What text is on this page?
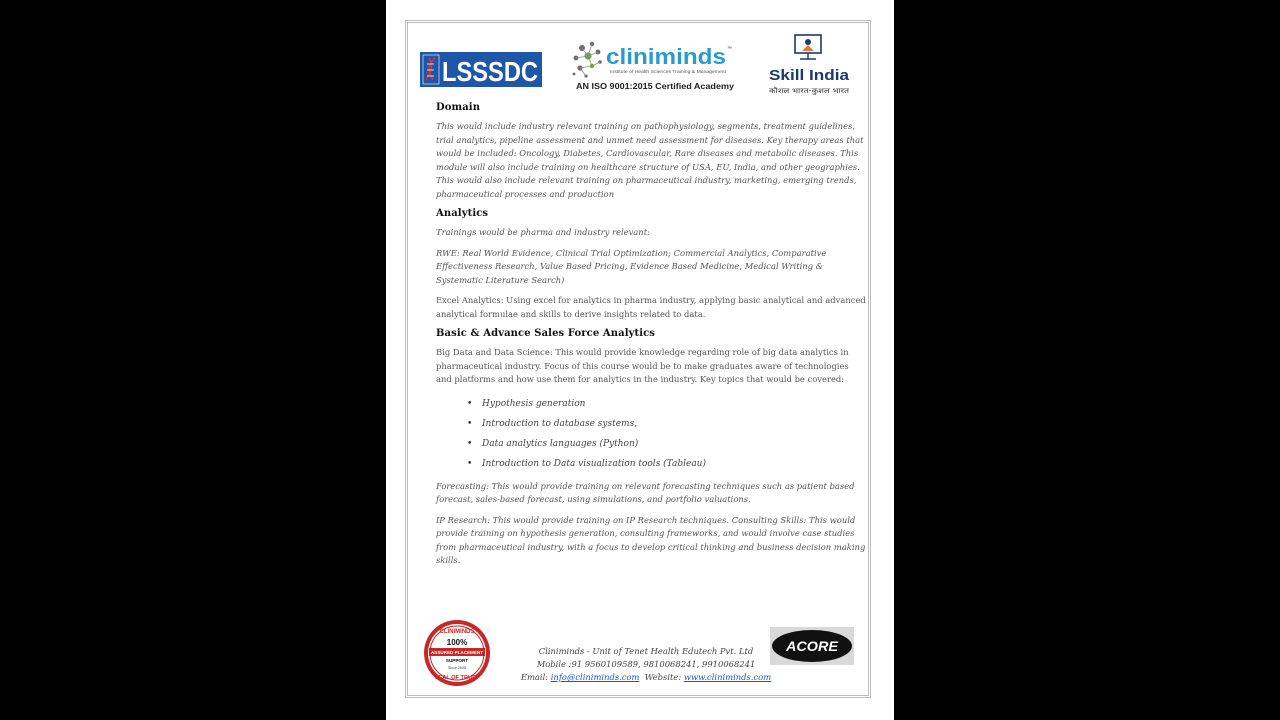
LSSSDC	cliniminds ™
Institute of Health Sciences Training & Management
AN ISO 9001:2015 Certified Academy
Skill India
कौशल भारत-कुशल भारत
Domain
This would include industry relevant training on pathophysiology, segments, treatment guidelines, trial analytics, pipeline assessment and unmet need assessment for diseases. Key therapy areas that would be included: Oncology, Diabetes, Cardiovascular, Rare diseases and metabolic diseases. This module will also include training on healthcare structure of USA, EU, India, and other geographies. This would also include relevant training on pharmaceutical industry, marketing, emerging trends, pharmaceutical processes and production
Analytics
Trainings would be pharma and industry relevant:
RWE: Real World Evidence, Clinical Trial Optimization; Commercial Analytics, Comparative Effectiveness Research, Value Based Pricing, Evidence Based Medicine, Medical Writing & Systematic Literature Search)
Excel Analytics: Using excel for analytics in pharma industry, applying basic analytical and advanced analytical formulae and skills to derive insights related to data.
Basic & Advance Sales Force Analytics
Big Data and Data Science: This would provide knowledge regarding role of big data analytics in pharmaceutical industry. Focus of this course would be to make graduates aware of technologies and platforms and how use them for analytics in the industry. Key topics that would be covered:
• Hypothesis generation
• Introduction to database systems,
• Data analytics languages (Python)
• Introduction to Data visualization tools (Tableau)
Forecasting: This would provide training on relevant forecasting techniques such as patient based forecast, sales-based forecast, using simulations, and portfolio valuations.
IP Research: This would provide training on IP Research techniques. Consulting Skills: This would provide training on hypothesis generation, consulting frameworks, and would involve case studies from pharmaceutical industry, with a focus to develop critical thinking and business decision making skills.
CLINIMINDS
100%
ASSURED PLACEMENT
SUPPORT
Since 2008
SEAL OF TRUST
Cliniminds - Unit of Tenet Health Edutech Pvt. Ltd
Mobile :91 9560109589, 9810068241, 9910068241
Email: info@cliniminds.com Website: www.cliniminds.com
ACORE
